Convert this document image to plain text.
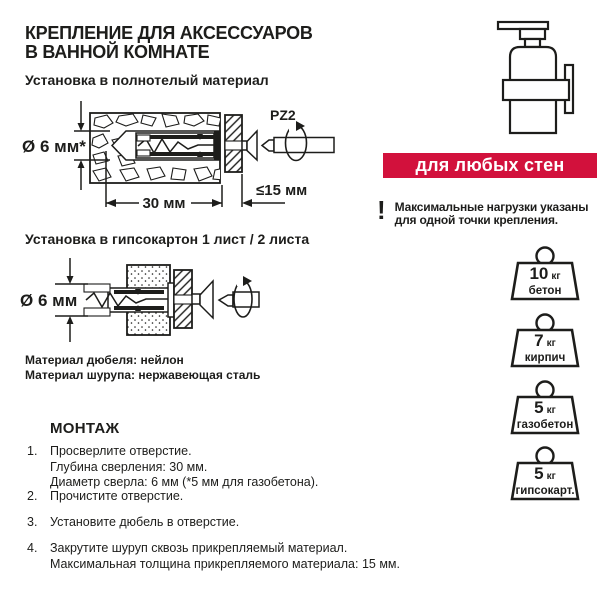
КРЕПЛЕНИЕ ДЛЯ АКСЕССУАРОВ
В ВАННОЙ КОМНАТЕ
Установка в полнотелый материал
PZ2
Ø 6 мм*
30 мм
≤15 мм
Установка в гипсокартон 1 лист / 2 листа
Ø 6 мм
Материал дюбеля: нейлон
Материал шурупа: нержавеющая сталь
МОНТАЖ
1. Просверлите отверстие.
Глубина сверления: 30 мм.
Диаметр сверла: 6 мм (*5 мм для газобетона).
2. Прочистите отверстие.
3. Установите дюбель в отверстие.
4. Закрутите шуруп сквозь прикрепляемый материал.
Максимальная толщина прикрепляемого материала: 15 мм.
для любых стен
! Максимальные нагрузки указаны
для одной точки крепления.
10 кг
бетон
7 кг
кирпич
5 кг
газобетон
5 кг
гипсокарт.
